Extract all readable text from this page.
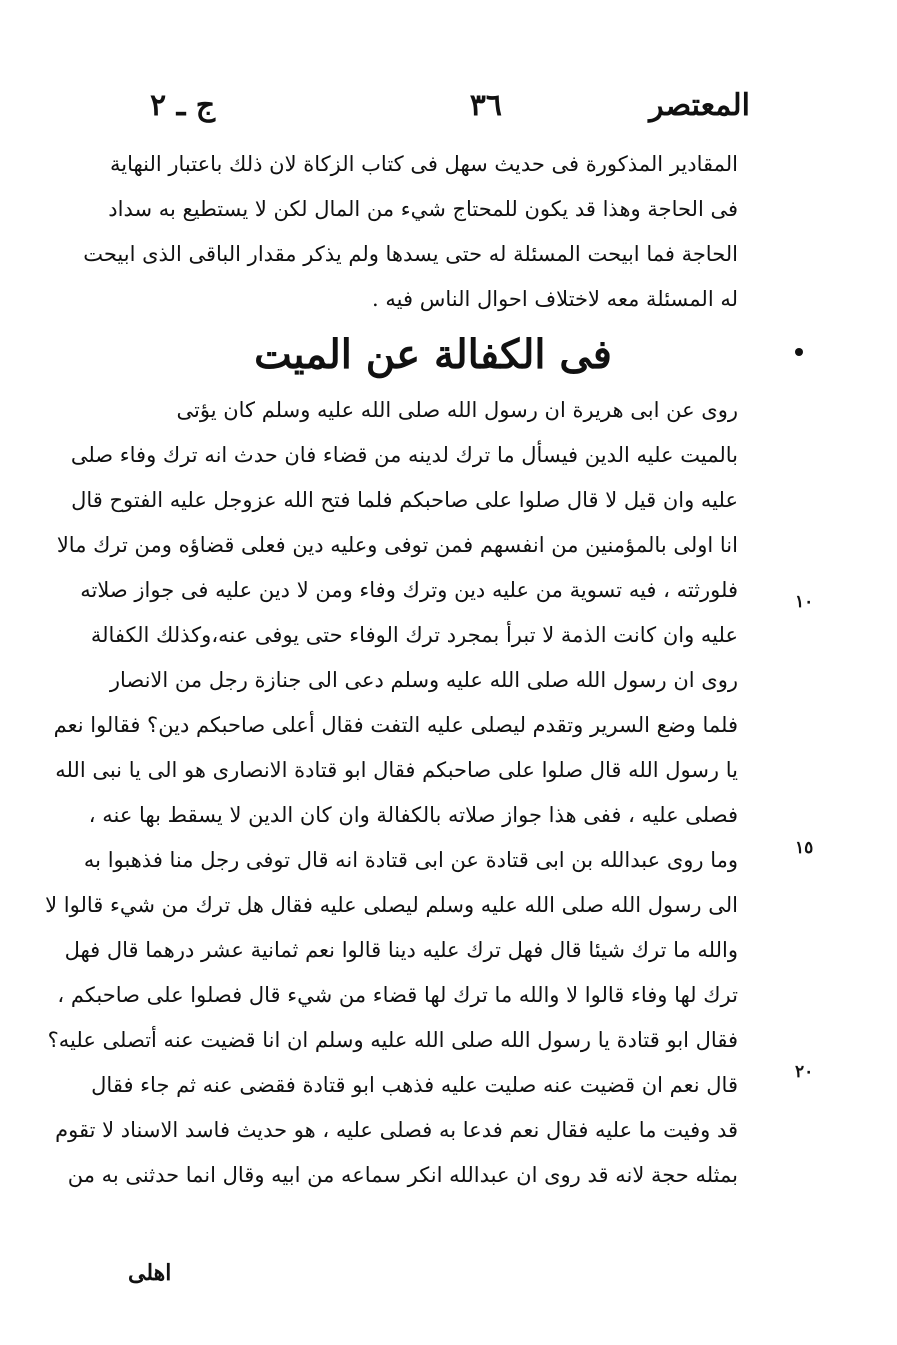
المعتصر
٣٦
ج ـ ٢
المقادير المذكورة فى حديث سهل فى كتاب الزكاة لان ذلك باعتبار النهاية
فى الحاجة وهذا قد يكون للمحتاج شيء من المال لكن لا يستطيع به سداد
الحاجة فما ابيحت المسئلة له حتى يسدها ولم يذكر مقدار الباقى الذى ابيحت
له المسئلة معه لاختلاف احوال الناس فيه .
فى الكفالة عن الميت
روى عن ابى هريرة ان رسول الله صلى الله عليه وسلم كان يؤتى
بالميت عليه الدين فيسأل ما ترك لدينه من قضاء فان حدث انه ترك وفاء صلى
عليه وان قيل لا قال صلوا على صاحبكم فلما فتح الله عزوجل عليه الفتوح قال
انا اولى بالمؤمنين من انفسهم فمن توفى وعليه دين فعلى قضاؤه ومن ترك مالا
فلورثته ، فيه تسوية من عليه دين وترك وفاء ومن لا دين عليه فى جواز صلاته
عليه وان كانت الذمة لا تبرأ بمجرد ترك الوفاء حتى يوفى عنه،وكذلك الكفالة
روى ان رسول الله صلى الله عليه وسلم دعى الى جنازة رجل من الانصار
فلما وضع السرير وتقدم ليصلى عليه التفت فقال أعلى صاحبكم دين؟ فقالوا نعم
يا رسول الله قال صلوا على صاحبكم فقال ابو قتادة الانصارى هو الى يا نبى الله
فصلى عليه ، ففى هذا جواز صلاته بالكفالة وان كان الدين لا يسقط بها عنه ،
وما روى عبدالله بن ابى قتادة عن ابى قتادة انه قال توفى رجل منا فذهبوا به
الى رسول الله صلى الله عليه وسلم ليصلى عليه فقال هل ترك من شيء قالوا لا
والله ما ترك شيئا قال فهل ترك عليه دينا قالوا نعم ثمانية عشر درهما قال فهل
ترك لها وفاء قالوا لا والله ما ترك لها قضاء من شيء قال فصلوا على صاحبكم ،
فقال ابو قتادة يا رسول الله صلى الله عليه وسلم ان انا قضيت عنه أتصلى عليه؟
قال نعم ان قضيت عنه صليت عليه فذهب ابو قتادة فقضى عنه ثم جاء فقال
قد وفيت ما عليه فقال نعم فدعا به فصلى عليه ، هو حديث فاسد الاسناد لا تقوم
بمثله حجة لانه قد روى ان عبدالله انكر سماعه من ابيه وقال انما حدثنى به من
١٠
١٥
٢٠
اهلى
